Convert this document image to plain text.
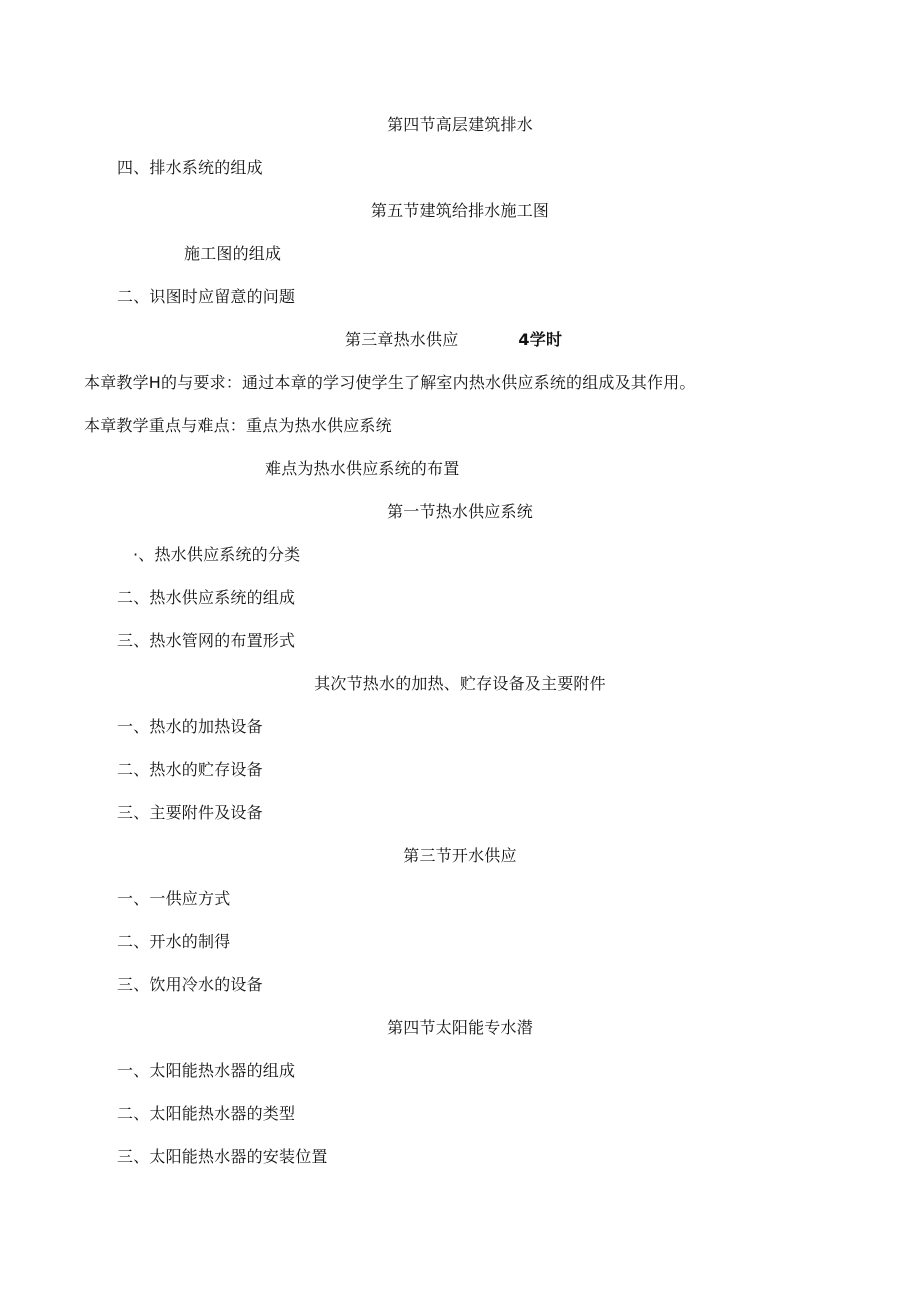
第四节高层建筑排水
四、排水系统的组成
第五节建筑给排水施工图
施工图的组成
二、识图时应留意的问题
第三章热水供应	4学时
本章教学H的与要求：通过本章的学习使学生了解室内热水供应系统的组成及其作用。
本章教学重点与难点：重点为热水供应系统
难点为热水供应系统的布置
第一节热水供应系统
·、热水供应系统的分类
二、热水供应系统的组成
三、热水管网的布置形式
其次节热水的加热、贮存设备及主要附件
一、热水的加热设备
二、热水的贮存设备
三、主要附件及设备
第三节开水供应
一、一供应方式
二、开水的制得
三、饮用冷水的设备
第四节太阳能专水潜
一、太阳能热水器的组成
二、太阳能热水器的类型
三、太阳能热水器的安装位置
